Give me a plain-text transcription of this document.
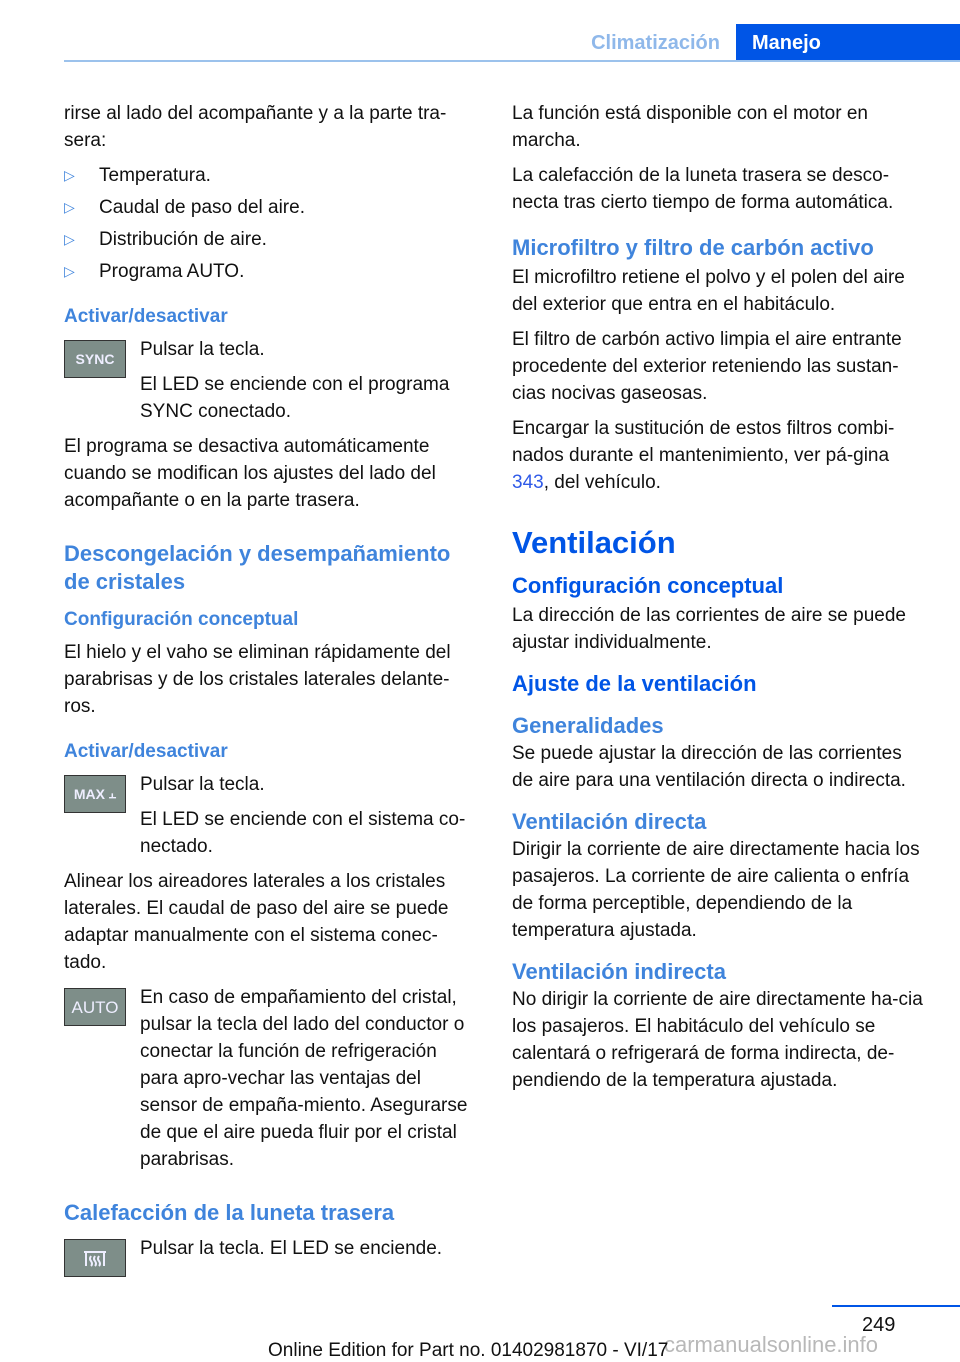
Climatización	Manejo

rirse al lado del acompañante y a la parte tra-sera:

▷ Temperatura.
▷ Caudal de paso del aire.
▷ Distribución de aire.
▷ Programa AUTO.
Activar/desactivar
SYNC	Pulsar la tecla.

El LED se enciende con el programa SYNC conectado.

El programa se desactiva automáticamente cuando se modifican los ajustes del lado del acompañante o en la parte trasera.

Descongelación y desempañamiento de cristales
Configuración conceptual

El hielo y el vaho se eliminan rápidamente del parabrisas y de los cristales laterales delante-ros.

Activar/desactivar
MAX
⫠ Pulsar la tecla.

El LED se enciende con el sistema co-nectado.

Alinear los aireadores laterales a los cristales laterales. El caudal de paso del aire se puede adaptar manualmente con el sistema conec-tado.

AUTO	En caso de empañamiento del cristal, pulsar la tecla del lado del conductor o conectar la función de refrigeración para apro-vechar las ventajas del sensor de empaña-miento. Asegurarse de que el aire pueda fluir por el cristal parabrisas.

Calefacción de la luneta trasera

Pulsar la tecla. El LED se enciende.

La función está disponible con el motor en marcha.

La calefacción de la luneta trasera se desco-necta tras cierto tiempo de forma automática.

Microfiltro y filtro de carbón activo

El microfiltro retiene el polvo y el polen del aire del exterior que entra en el habitáculo.

El filtro de carbón activo limpia el aire entrante procedente del exterior reteniendo las sustan-cias nocivas gaseosas.

Encargar la sustitución de estos filtros combi-nados durante el mantenimiento, ver pá-gina 343, del vehículo.

Ventilación
Configuración conceptual

La dirección de las corrientes de aire se puede ajustar individualmente.

Ajuste de la ventilación
Generalidades

Se puede ajustar la dirección de las corrientes de aire para una ventilación directa o indirecta.

Ventilación directa

Dirigir la corriente de aire directamente hacia los pasajeros. La corriente de aire calienta o enfría de forma perceptible, dependiendo de la temperatura ajustada.

Ventilación indirecta

No dirigir la corriente de aire directamente ha-cia los pasajeros. El habitáculo del vehículo se calentará o refrigerará de forma indirecta, de-pendiendo de la temperatura ajustada.

249
carmanualsonline.info
Online Edition for Part no. 01402981870 - VI/17
